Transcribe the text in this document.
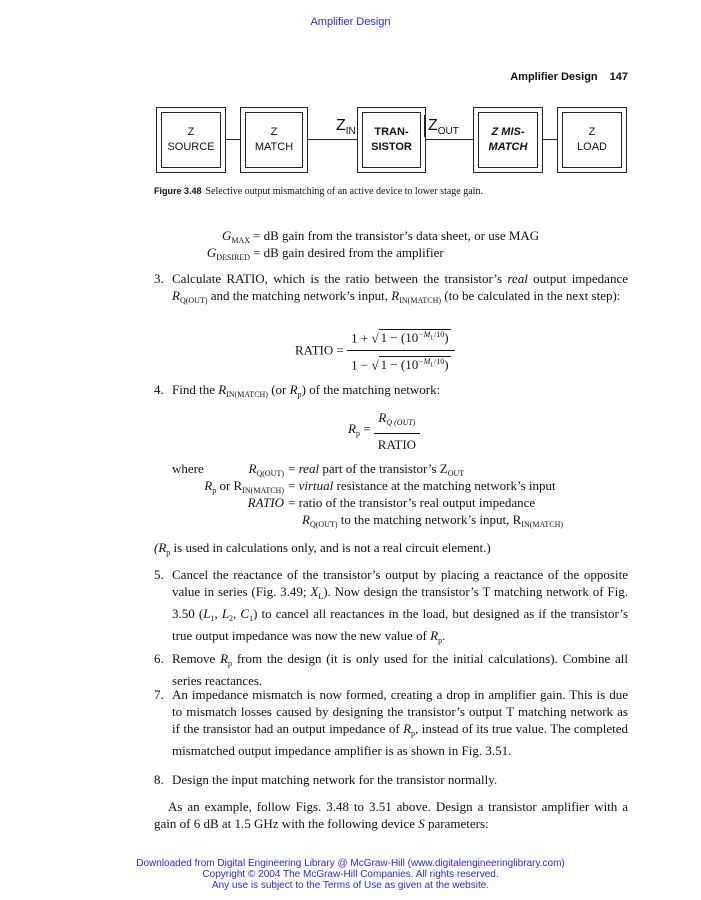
Amplifier Design
Amplifier Design 147
Z
SOURCE
Z
MATCH
TRAN-
SISTOR
Z MIS-
MATCH
Z
LOAD
$Z_{IN}$	$Z_{OUT}$
Figure 3.48 Selective output mismatching of an active device to lower stage gain.
$G_{MAX}$ = dB gain from the transistor’s data sheet, or use MAG
$G_{DESIRED}$ = dB gain desired from the amplifier
3. Calculate RATIO, which is the ratio between the transistor’s real output impedance $R_{Q(OUT)}$ and the matching network’s input, $R_{IN(MATCH)}$ (to be calculated in the next step):
RATIO = $\frac{1 + √ 1 - (10^{-M_L/10})}{1 - √ 1 - (10^{-M_L/10})}$
4. Find the $R_{IN(MATCH)}$ (or $R_p$) of the matching network:
$R_p = \frac{R_{Q (OUT)}}{\text{RATIO}}$
where	$R_{Q(OUT)}$ = real part of the transistor’s $Z_{OUT}$
$R_p$ or $R_{IN(MATCH)}$ = virtual resistance at the matching network’s input
RATIO = ratio of the transistor’s real output impedance
$R_{Q(OUT)}$ to the matching network’s input, $R_{IN(MATCH)}$
($R_p$ is used in calculations only, and is not a real circuit element.)
5. Cancel the reactance of the transistor’s output by placing a reactance of the opposite value in series (Fig. 3.49; $X_L$). Now design the transistor’s T matching network of Fig. 3.50 ($L_1$, $L_2$, $C_1$) to cancel all reactances in the load, but designed as if the transistor’s true output impedance was now the new value of $R_p$.
6. Remove $R_p$ from the design (it is only used for the initial calculations). Combine all series reactances.
7. An impedance mismatch is now formed, creating a drop in amplifier gain. This is due to mismatch losses caused by designing the transistor’s output T matching network as if the transistor had an output impedance of $R_p$, instead of its true value. The completed mismatched output impedance amplifier is as shown in Fig. 3.51.
8. Design the input matching network for the transistor normally.
As an example, follow Figs. 3.48 to 3.51 above. Design a transistor amplifier with a gain of 6 dB at 1.5 GHz with the following device S parameters:
Downloaded from Digital Engineering Library @ McGraw-Hill (www.digitalengineeringlibrary.com)
Copyright © 2004 The McGraw-Hill Companies. All rights reserved.
Any use is subject to the Terms of Use as given at the website.
